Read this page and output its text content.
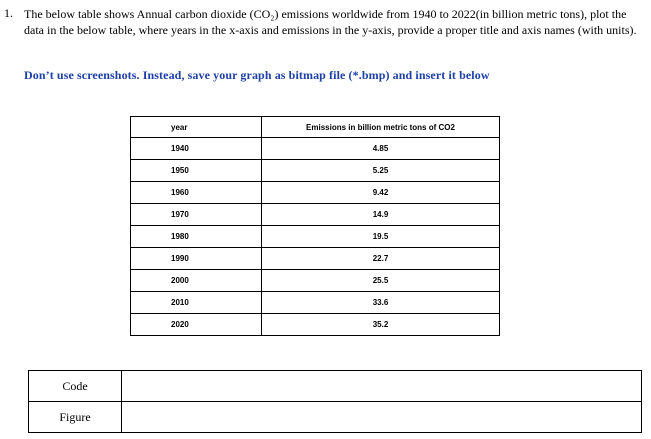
1. The below table shows Annual carbon dioxide (CO₂) emissions worldwide from 1940 to 2022(in billion metric tons), plot the data in the below table, where years in the x-axis and emissions in the y-axis, provide a proper title and axis names (with units).
Don’t use screenshots. Instead, save your graph as bitmap file (*.bmp) and insert it below
year	Emissions in billion metric tons of CO2
1940	4.85
1950	5.25
1960	9.42
1970	14.9
1980	19.5
1990	22.7
2000	25.5
2010	33.6
2020	35.2
Code	
Figure	
